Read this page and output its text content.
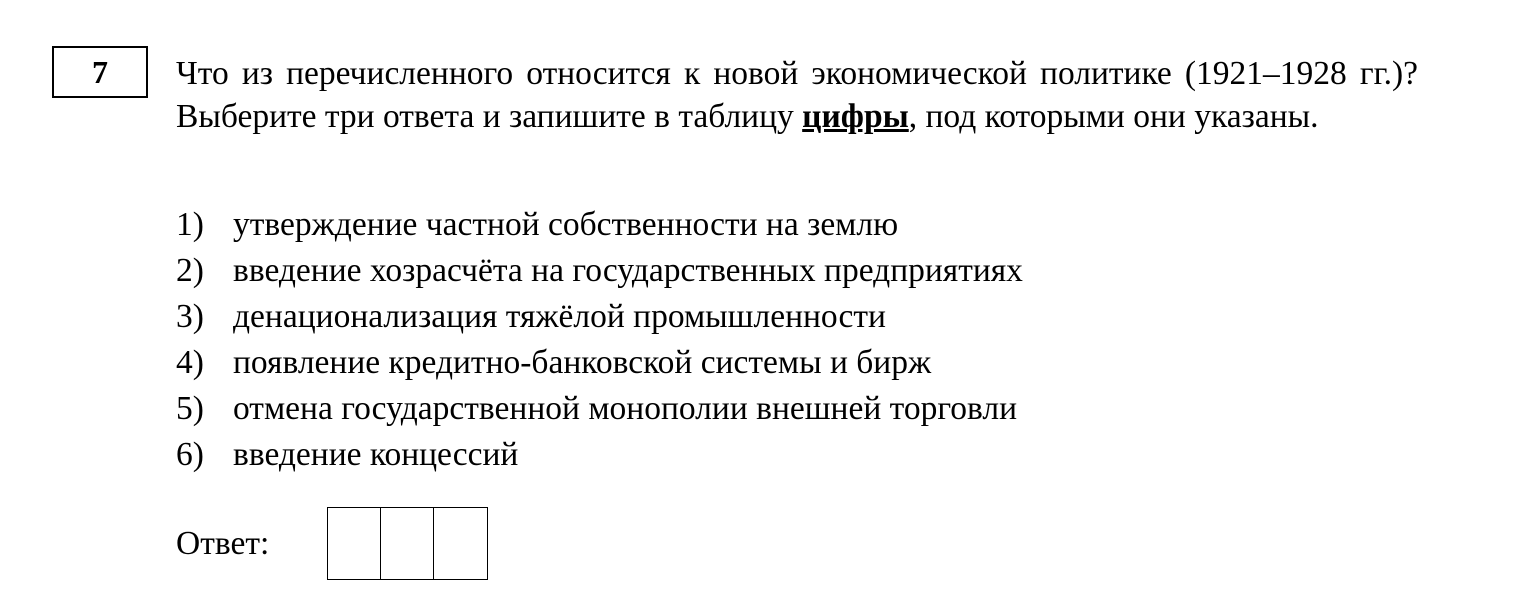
7 Что из перечисленного относится к новой экономической политике (1921–1928 гг.)? Выберите три ответа и запишите в таблицу цифры, под которыми они указаны.

1) утверждение частной собственности на землю
2) введение хозрасчёта на государственных предприятиях
3) денационализация тяжёлой промышленности
4) появление кредитно-банковской системы и бирж
5) отмена государственной монополии внешней торговли
6) введение концессий
Ответ:
